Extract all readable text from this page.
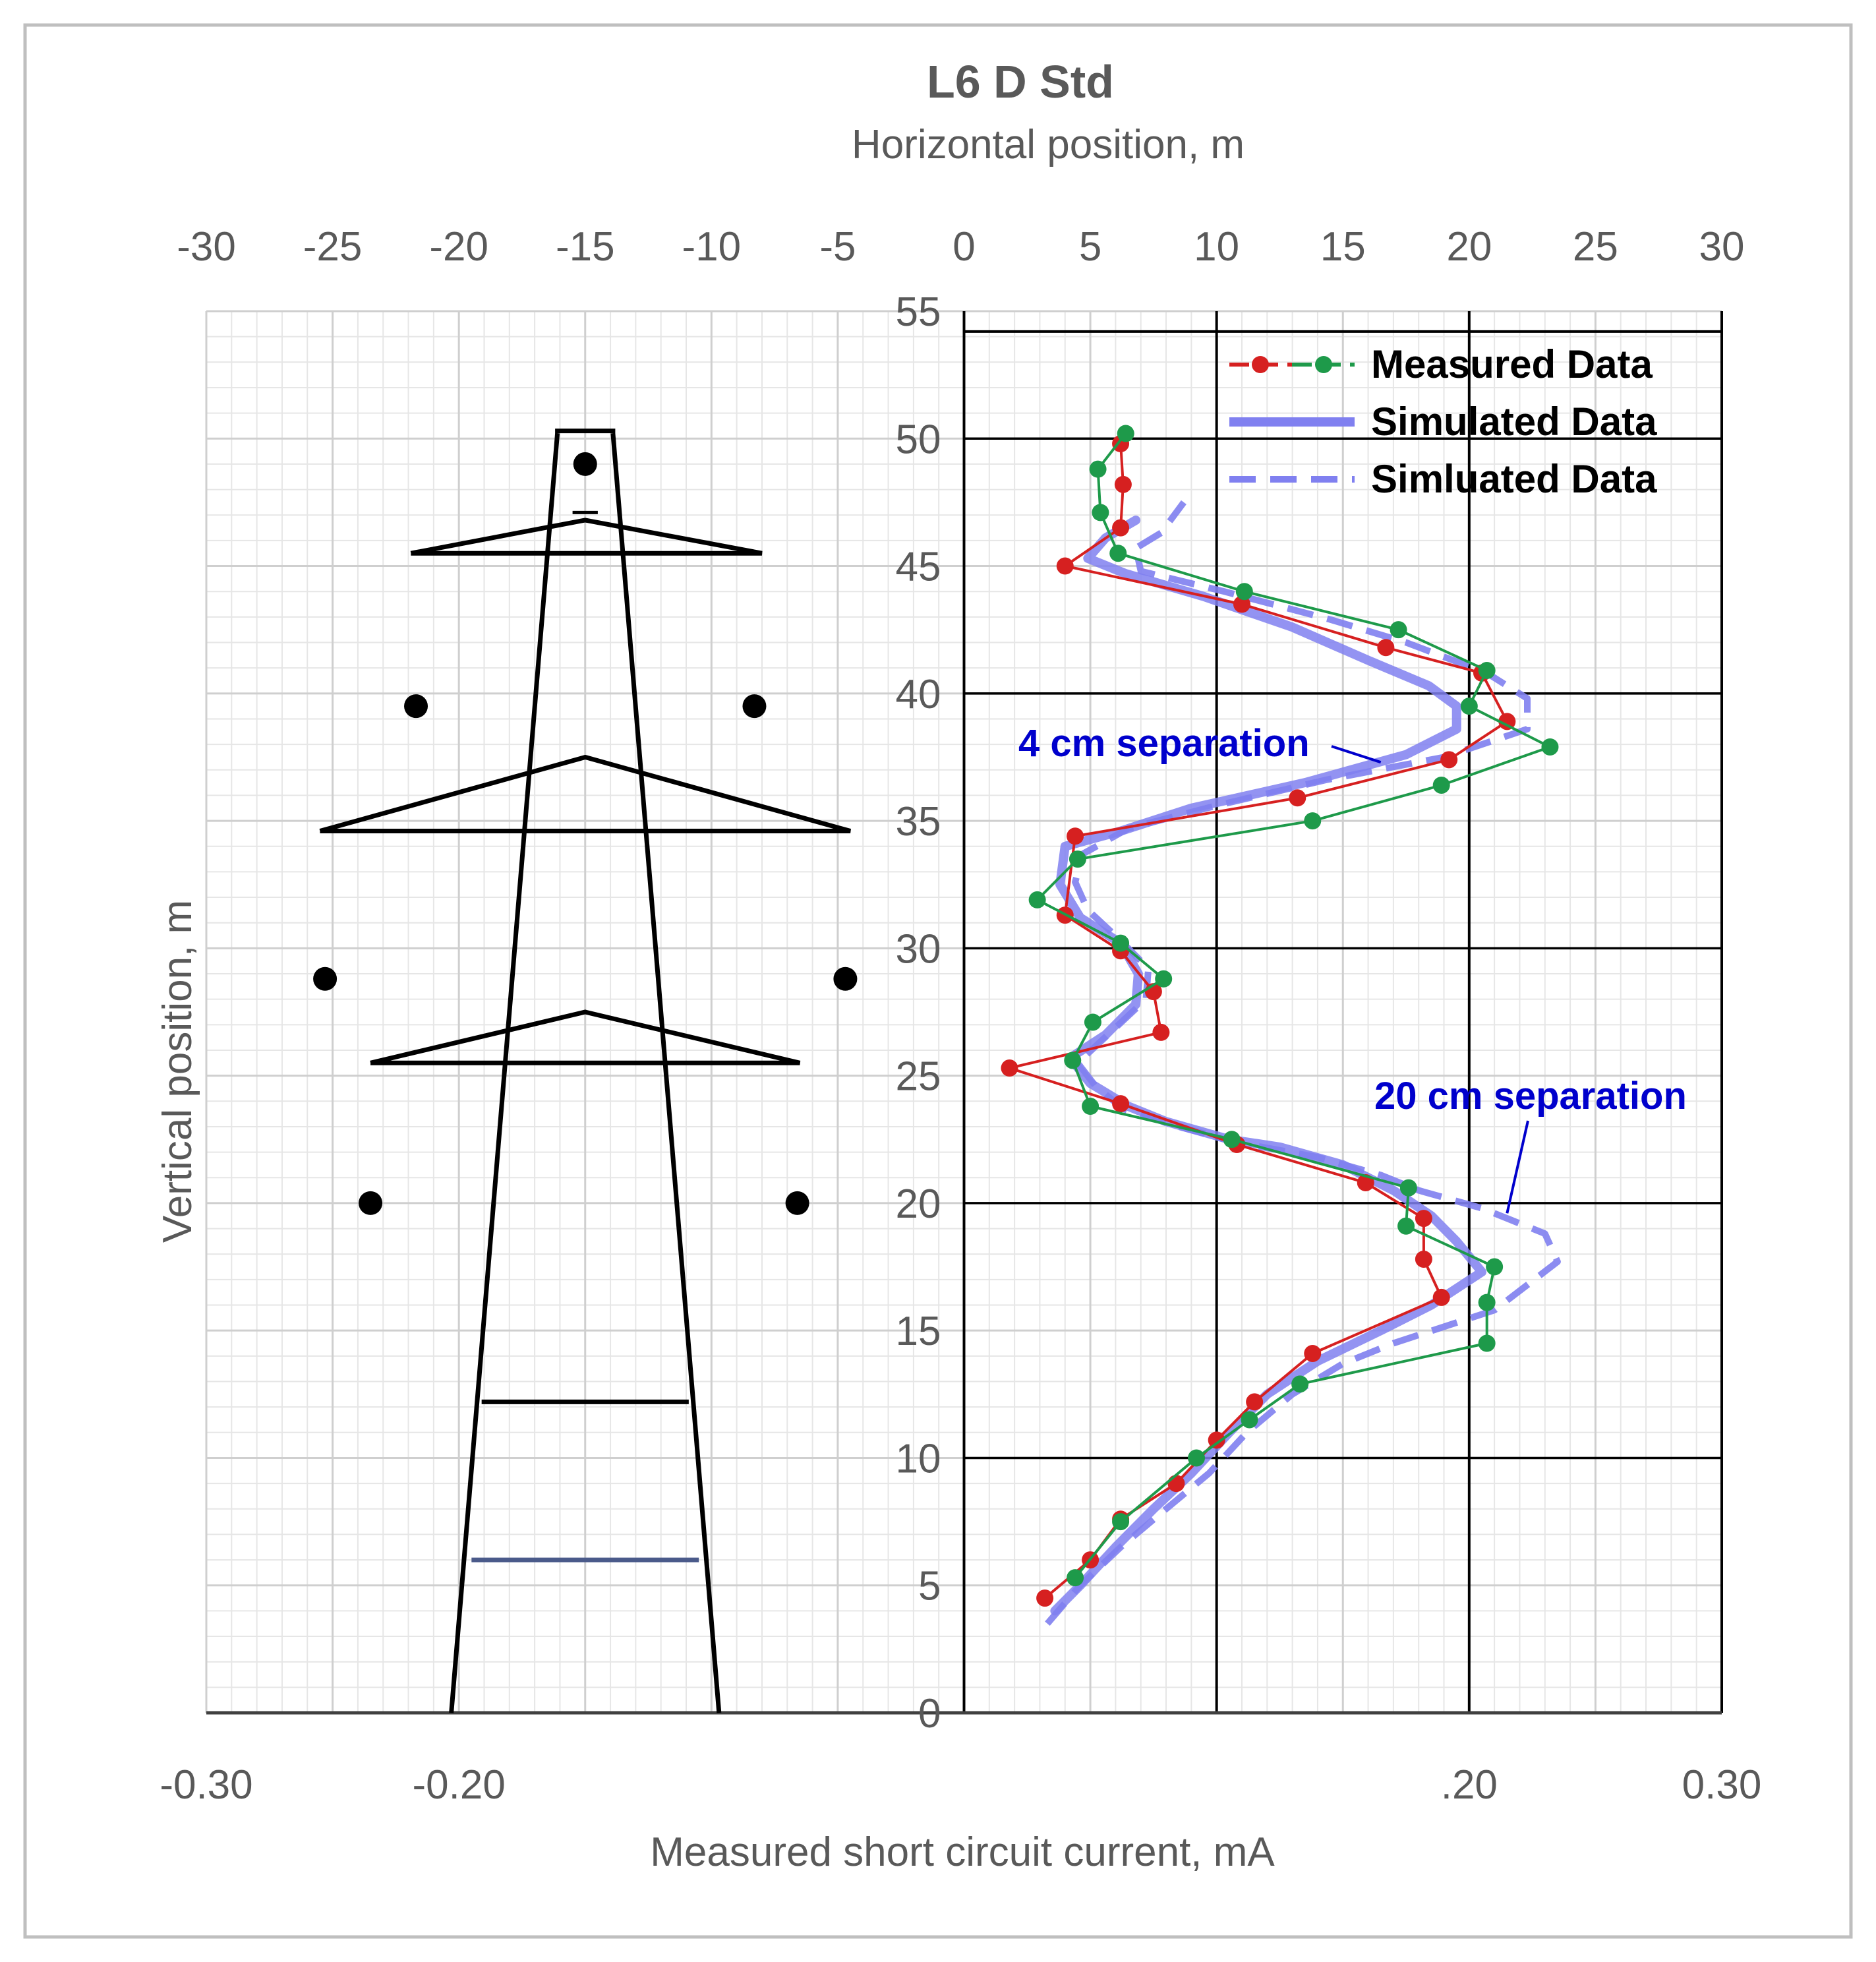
-30 -25 -20 -15 -10 -5 0	5 10 15 20 25 30
0
5
10
15
20
25
30
35
40
45
50
55
-0.30	-0.20	.20	0.30
4 cm separation
20 cm separation
Measured Data
Simulated Data
Simluated Data
L6 D Std
Horizontal position, m
Measured short circuit current, mA
Vertical position, m
